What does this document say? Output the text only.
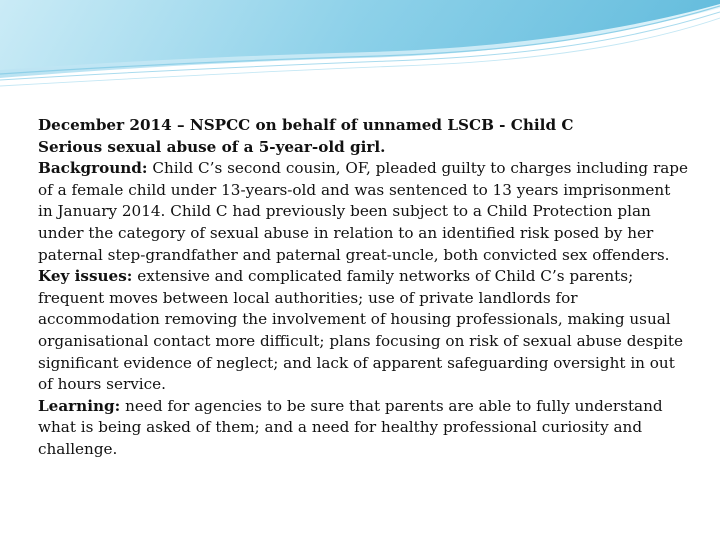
December 2014 – NSPCC on behalf of unnamed LSCB - Child C

Serious sexual abuse of a 5-year-old girl.

Background: Child C’s second cousin, OF, pleaded guilty to charges including rape of a female child under 13-years-old and was sentenced to 13 years imprisonment in January 2014. Child C had previously been subject to a Child Protection plan under the category of sexual abuse in relation to an identified risk posed by her paternal step-grandfather and paternal great-uncle, both convicted sex offenders.

Key issues: extensive and complicated family networks of Child C’s parents; frequent moves between local authorities; use of private landlords for accommodation removing the involvement of housing professionals, making usual organisational contact more difficult; plans focusing on risk of sexual abuse despite significant evidence of neglect; and lack of apparent safeguarding oversight in out of hours service.

Learning: need for agencies to be sure that parents are able to fully understand what is being asked of them; and a need for healthy professional curiosity and challenge.
